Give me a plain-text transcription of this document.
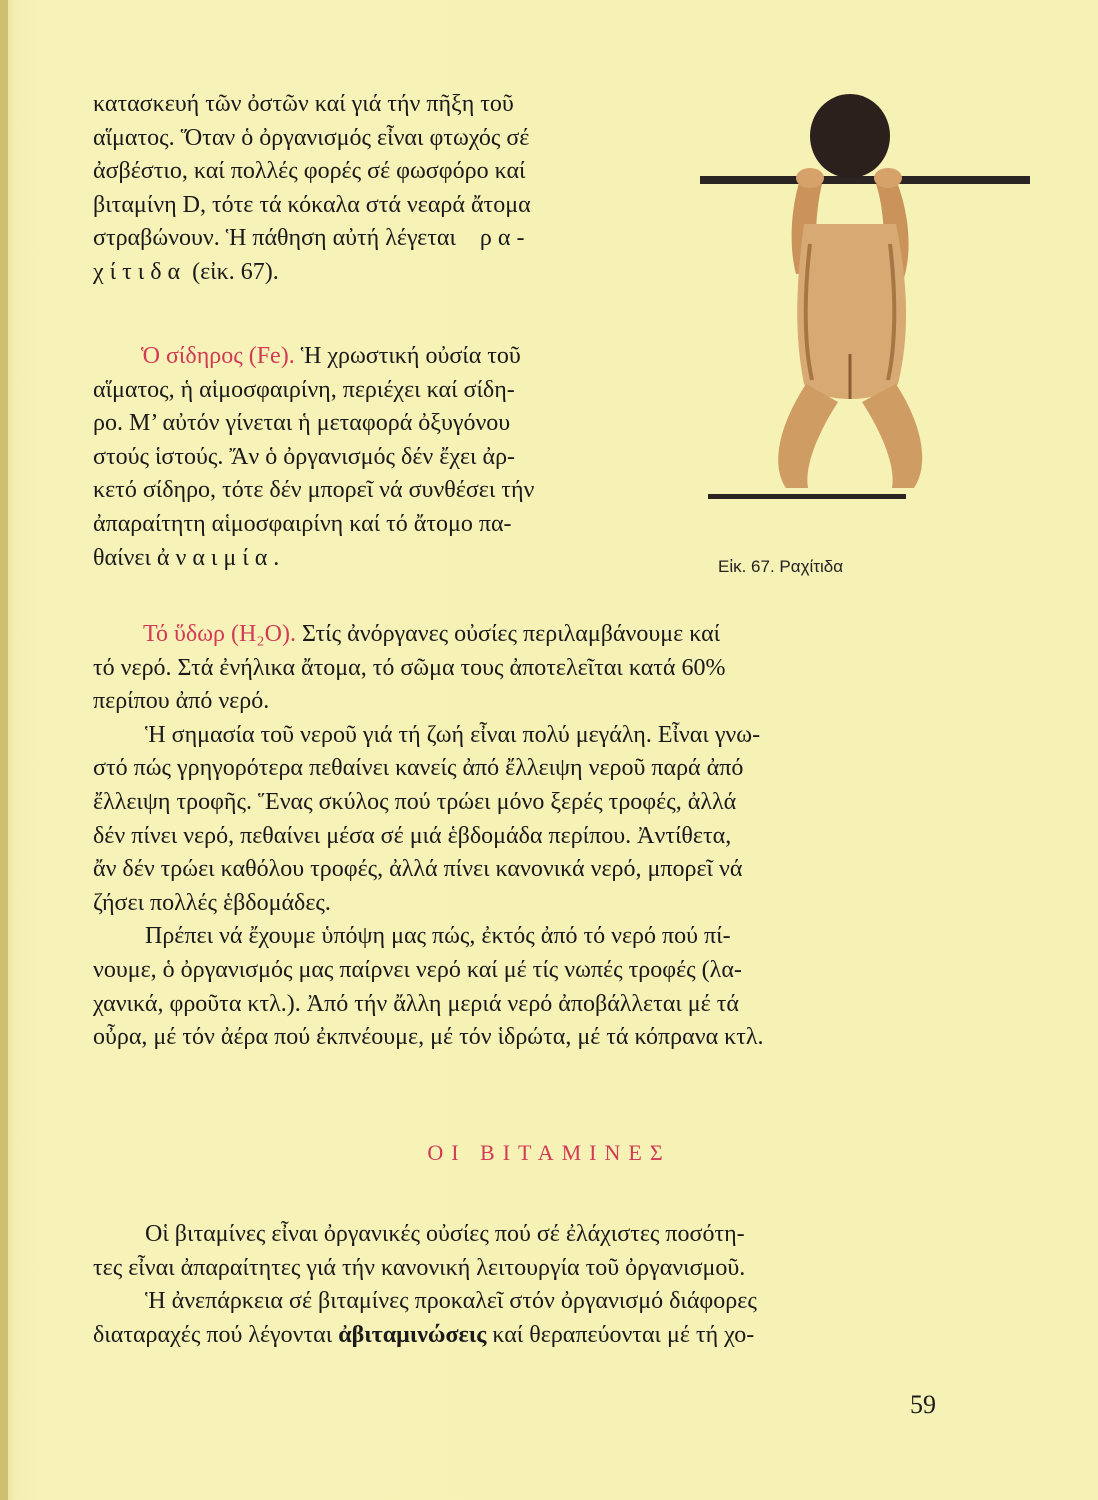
κατασκευή τῶν ὀστῶν καί γιά τήν πῆξη τοῦ
αἵματος. Ὅταν ὁ ὀργανισμός εἶναι φτωχός σέ
ἀσβέστιο, καί πολλές φορές σέ φωσφόρο καί
βιταμίνη D, τότε τά κόκαλα στά νεαρά ἄτομα
στραβώνουν. Ἡ πάθηση αὐτή λέγεται ρα-
χίτιδα (εἰκ. 67).
Ὁ σίδηρος (Fe). Ἡ χρωστική οὐσία τοῦ
αἵματος, ἡ αἱμοσφαιρίνη, περιέχει καί σίδη-
ρο. Μ’ αὐτόν γίνεται ἡ μεταφορά ὀξυγόνου
στούς ἱστούς. Ἄν ὁ ὀργανισμός δέν ἔχει ἀρ-
κετό σίδηρο, τότε δέν μπορεῖ νά συνθέσει τήν
ἀπαραίτητη αἱμοσφαιρίνη καί τό ἄτομο πα-
θαίνει ἀναιμία.	Εἰκ. 67. Ραχίτιδα
Τό ὕδωρ (H₂O). Στίς ἀνόργανες οὐσίες περιλαμβάνουμε καί
τό νερό. Στά ἐνήλικα ἄτομα, τό σῶμα τους ἀποτελεῖται κατά 60%
περίπου ἀπό νερό.
Ἡ σημασία τοῦ νεροῦ γιά τή ζωή εἶναι πολύ μεγάλη. Εἶναι γνω-
στό πώς γρηγορότερα πεθαίνει κανείς ἀπό ἔλλειψη νεροῦ παρά ἀπό
ἔλλειψη τροφῆς. Ἕνας σκύλος πού τρώει μόνο ξερές τροφές, ἀλλά
δέν πίνει νερό, πεθαίνει μέσα σέ μιά ἑβδομάδα περίπου. Ἀντίθετα,
ἄν δέν τρώει καθόλου τροφές, ἀλλά πίνει κανονικά νερό, μπορεῖ νά
ζήσει πολλές ἑβδομάδες.
Πρέπει νά ἔχουμε ὑπόψη μας πώς, ἐκτός ἀπό τό νερό πού πί-
νουμε, ὁ ὀργανισμός μας παίρνει νερό καί μέ τίς νωπές τροφές (λα-
χανικά, φροῦτα κτλ.). Ἀπό τήν ἄλλη μεριά νερό ἀποβάλλεται μέ τά
οὖρα, μέ τόν ἀέρα πού ἐκπνέουμε, μέ τόν ἱδρώτα, μέ τά κόπρανα κτλ.
ΟΙ ΒΙΤΑΜΙΝΕΣ
Οἱ βιταμίνες εἶναι ὀργανικές οὐσίες πού σέ ἐλάχιστες ποσότη-
τες εἶναι ἀπαραίτητες γιά τήν κανονική λειτουργία τοῦ ὀργανισμοῦ.
Ἡ ἀνεπάρκεια σέ βιταμίνες προκαλεῖ στόν ὀργανισμό διάφορες
διαταραχές πού λέγονται ἀβιταμινώσεις καί θεραπεύονται μέ τή χο-
59
